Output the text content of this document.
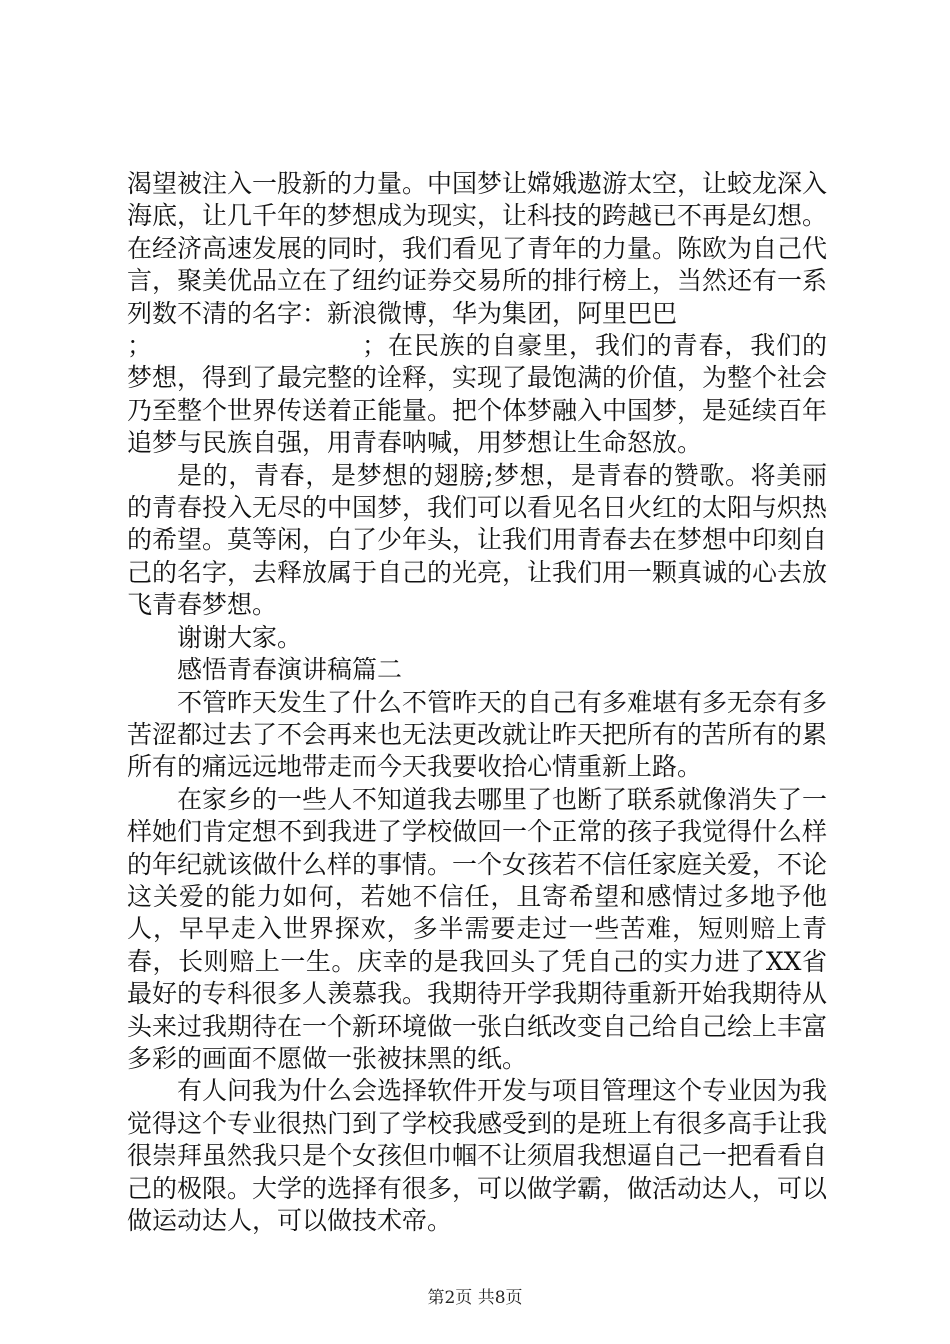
渴望被注入一股新的力量。中国梦让嫦娥遨游太空，让蛟龙深入海底，让几千年的梦想成为现实，让科技的跨越已不再是幻想。在经济高速发展的同时，我们看见了青年的力量。陈欧为自己代言，聚美优品立在了纽约证券交易所的排行榜上，当然还有一系列数不清的名字：新浪微博，华为集团，阿里巴巴

；	；在民族的自豪里，我们的青春，我们的梦想，得到了最完整的诠释，实现了最饱满的价值，为整个社会乃至整个世界传送着正能量。把个体梦融入中国梦，是延续百年追梦与民族自强，用青春呐喊，用梦想让生命怒放。

是的，青春，是梦想的翅膀;梦想，是青春的赞歌。将美丽的青春投入无尽的中国梦，我们可以看见名日火红的太阳与炽热的希望。莫等闲，白了少年头，让我们用青春去在梦想中印刻自己的名字，去释放属于自己的光亮，让我们用一颗真诚的心去放飞青春梦想。

谢谢大家。

感悟青春演讲稿篇二

不管昨天发生了什么不管昨天的自己有多难堪有多无奈有多苦涩都过去了不会再来也无法更改就让昨天把所有的苦所有的累所有的痛远远地带走而今天我要收拾心情重新上路。

在家乡的一些人不知道我去哪里了也断了联系就像消失了一样她们肯定想不到我进了学校做回一个正常的孩子我觉得什么样的年纪就该做什么样的事情。一个女孩若不信任家庭关爱，不论这关爱的能力如何，若她不信任，且寄希望和感情过多地予他人，早早走入世界探欢，多半需要走过一些苦难，短则赔上青春，长则赔上一生。庆幸的是我回头了凭自己的实力进了XX省最好的专科很多人羡慕我。我期待开学我期待重新开始我期待从头来过我期待在一个新环境做一张白纸改变自己给自己绘上丰富多彩的画面不愿做一张被抹黑的纸。

有人问我为什么会选择软件开发与项目管理这个专业因为我觉得这个专业很热门到了学校我感受到的是班上有很多高手让我很崇拜虽然我只是个女孩但巾帼不让须眉我想逼自己一把看看自己的极限。大学的选择有很多，可以做学霸，做活动达人，可以做运动达人，可以做技术帝。

第2页 共8页
